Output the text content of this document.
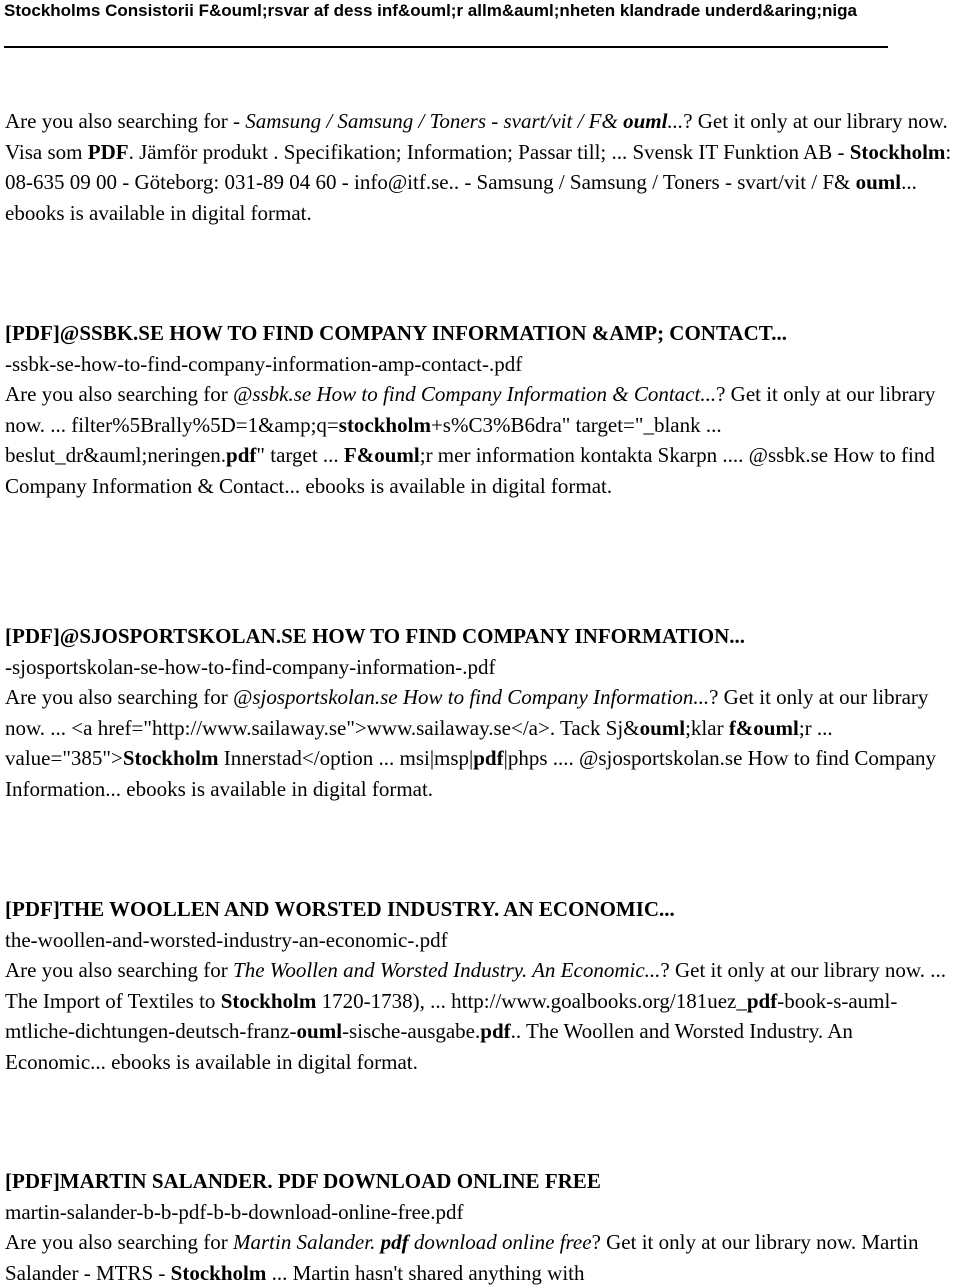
Stockholms Consistorii F&ouml;rsvar af dess inf&ouml;r allm&auml;nheten klandrade underd&aring;niga

Are you also searching for - Samsung / Samsung / Toners - svart/vit / F& ouml...? Get it only at our library now. Visa som PDF. Jämför produkt . Specifikation; Information; Passar till; ... Svensk IT Funktion AB - Stockholm: 08-635 09 00 - Göteborg: 031-89 04 60 - info@itf.se.. - Samsung / Samsung / Toners - svart/vit / F& ouml... ebooks is available in digital format.

[PDF]@SSBK.SE HOW TO FIND COMPANY INFORMATION &AMP; CONTACT...

-ssbk-se-how-to-find-company-information-amp-contact-.pdf

Are you also searching for @ssbk.se How to find Company Information & Contact...? Get it only at our library now. ... filter%5Brally%5D=1&amp;q=stockholm+s%C3%B6dra" target="_blank ... beslut_dr&auml;neringen.pdf" target ... F&ouml;r mer information kontakta Skarpn .... @ssbk.se How to find Company Information & Contact... ebooks is available in digital format.

[PDF]@SJOSPORTSKOLAN.SE HOW TO FIND COMPANY INFORMATION...

-sjosportskolan-se-how-to-find-company-information-.pdf

Are you also searching for @sjosportskolan.se How to find Company Information...? Get it only at our library now. ... <a href="http://www.sailaway.se">www.sailaway.se</a>. Tack Sj&ouml;klar f&ouml;r ... value="385">Stockholm Innerstad</option ... msi|msp|pdf|phps .... @sjosportskolan.se How to find Company Information... ebooks is available in digital format.

[PDF]THE WOOLLEN AND WORSTED INDUSTRY. AN ECONOMIC...

the-woollen-and-worsted-industry-an-economic-.pdf

Are you also searching for The Woollen and Worsted Industry. An Economic...? Get it only at our library now. ... The Import of Textiles to Stockholm 1720-1738), ... http://www.goalbooks.org/181uez_pdf-book-s-auml-mtliche-dichtungen-deutsch-franz-ouml-sische-ausgabe.pdf.. The Woollen and Worsted Industry. An Economic... ebooks is available in digital format.

[PDF]MARTIN SALANDER. PDF DOWNLOAD ONLINE FREE

martin-salander-b-b-pdf-b-b-download-online-free.pdf

Are you also searching for Martin Salander. pdf download online free? Get it only at our library now. Martin Salander - MTRS - Stockholm ... Martin hasn't shared anything with
